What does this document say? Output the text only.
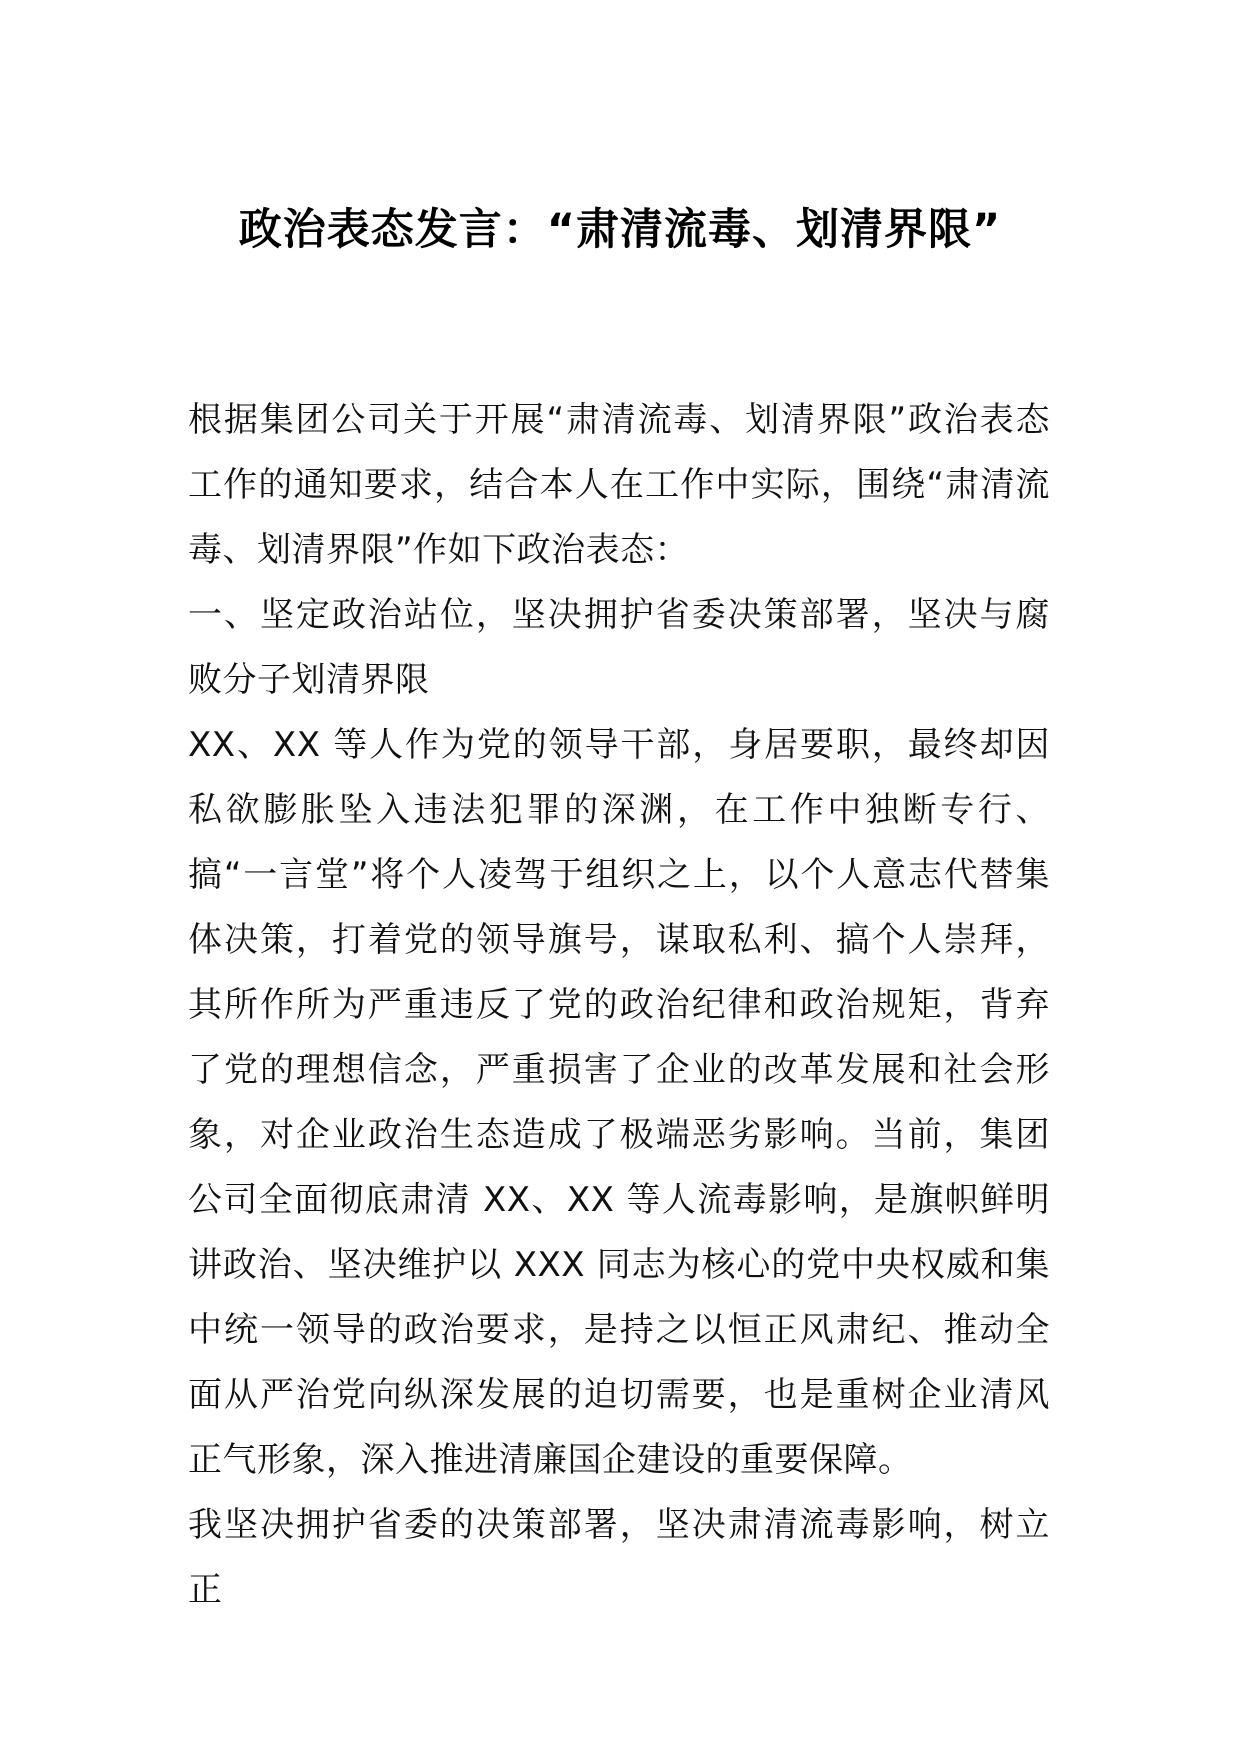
政治表态发言：“肃清流毒、划清界限”

根据集团公司关于开展“肃清流毒、划清界限”政治表态工作的通知要求，结合本人在工作中实际，围绕“肃清流毒、划清界限”作如下政治表态：

一、坚定政治站位，坚决拥护省委决策部署，坚决与腐败分子划清界限

XX、XX 等人作为党的领导干部，身居要职，最终却因私欲膨胀坠入违法犯罪的深渊，在工作中独断专行、搞“一言堂”将个人凌驾于组织之上，以个人意志代替集体决策，打着党的领导旗号，谋取私利、搞个人崇拜，其所作所为严重违反了党的政治纪律和政治规矩，背弃了党的理想信念，严重损害了企业的改革发展和社会形象，对企业政治生态造成了极端恶劣影响。当前，集团公司全面彻底肃清 XX、XX 等人流毒影响，是旗帜鲜明讲政治、坚决维护以 XXX 同志为核心的党中央权威和集中统一领导的政治要求，是持之以恒正风肃纪、推动全面从严治党向纵深发展的迫切需要，也是重树企业清风正气形象，深入推进清廉国企建设的重要保障。

我坚决拥护省委的决策部署，坚决肃清流毒影响，树立正
